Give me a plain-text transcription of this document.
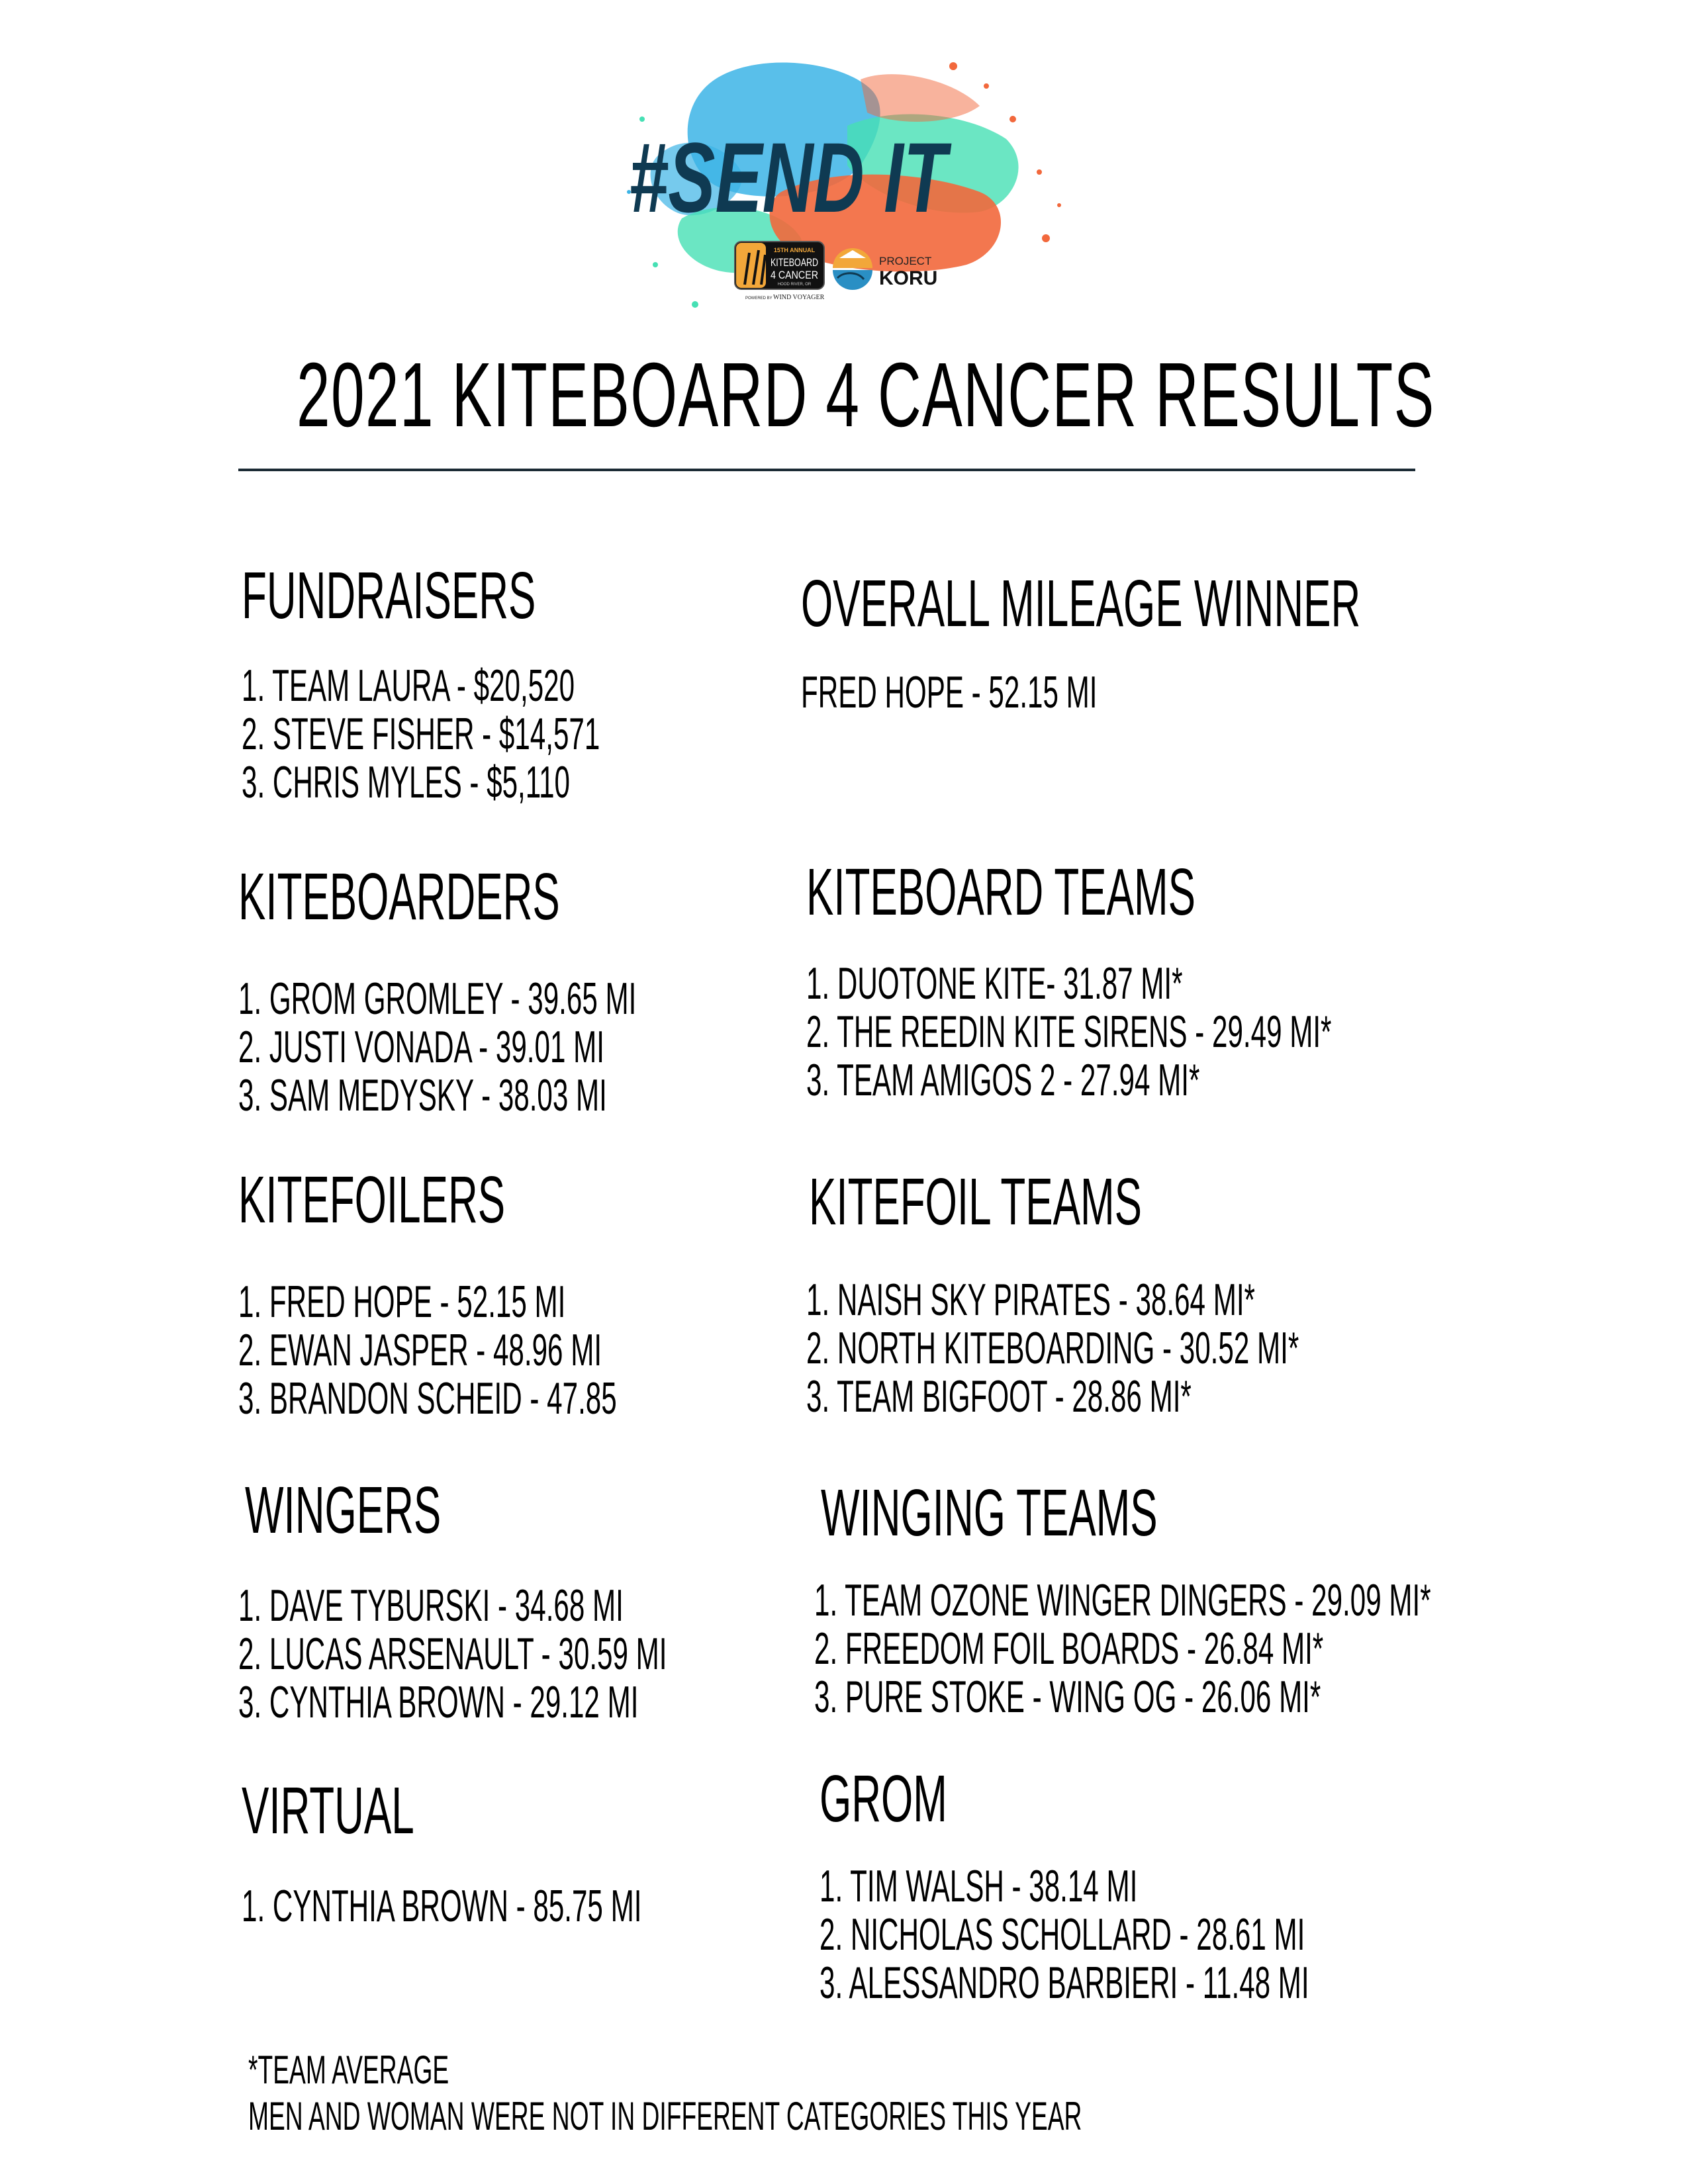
#SEND IT
15TH ANNUAL
KITEBOARD
4 CANCER
HOOD RIVER, OR
POWERED BY WIND VOYAGER
PROJECT
KORU
2021 KITEBOARD 4 CANCER RESULTS
FUNDRAISERS
1. TEAM LAURA - $20,520
2. STEVE FISHER - $14,571
3. CHRIS MYLES - $5,110
KITEBOARDERS
1. GROM GROMLEY - 39.65 MI
2. JUSTI VONADA - 39.01 MI
3. SAM MEDYSKY - 38.03 MI
KITEFOILERS
1. FRED HOPE - 52.15 MI
2. EWAN JASPER - 48.96 MI
3. BRANDON SCHEID - 47.85
WINGERS
1. DAVE TYBURSKI - 34.68 MI
2. LUCAS ARSENAULT - 30.59 MI
3. CYNTHIA BROWN - 29.12 MI
VIRTUAL
1. CYNTHIA BROWN - 85.75 MI
OVERALL MILEAGE WINNER
FRED HOPE - 52.15 MI
KITEBOARD TEAMS
1. DUOTONE KITE- 31.87 MI*
2. THE REEDIN KITE SIRENS - 29.49 MI*
3. TEAM AMIGOS 2 - 27.94 MI*
KITEFOIL TEAMS
1. NAISH SKY PIRATES - 38.64 MI*
2. NORTH KITEBOARDING - 30.52 MI*
3. TEAM BIGFOOT - 28.86 MI*
WINGING TEAMS
1. TEAM OZONE WINGER DINGERS - 29.09 MI*
2. FREEDOM FOIL BOARDS - 26.84 MI*
3. PURE STOKE - WING OG - 26.06 MI*
GROM
1. TIM WALSH - 38.14 MI
2. NICHOLAS SCHOLLARD - 28.61 MI
3. ALESSANDRO BARBIERI - 11.48 MI
*TEAM AVERAGE
MEN AND WOMAN WERE NOT IN DIFFERENT CATEGORIES THIS YEAR
